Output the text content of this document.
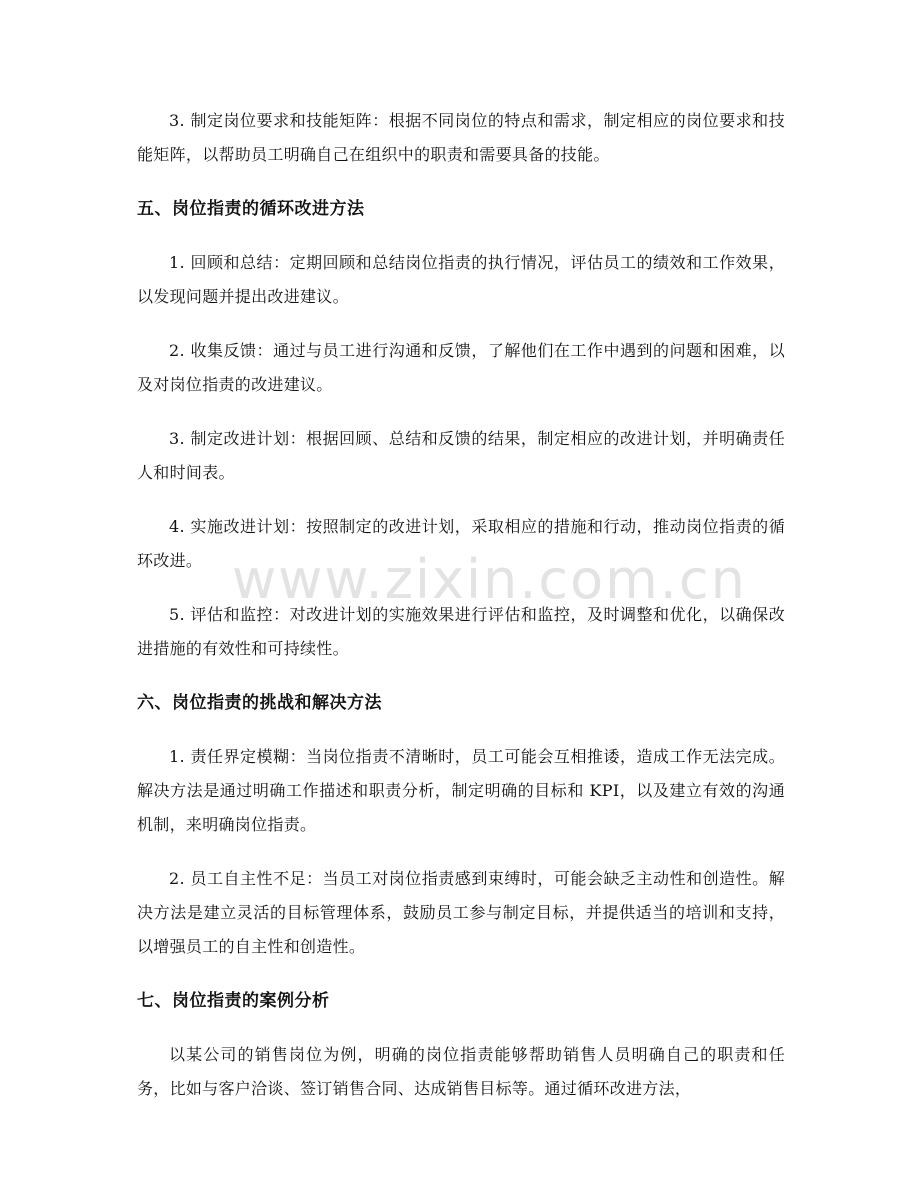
3. 制定岗位要求和技能矩阵：根据不同岗位的特点和需求，制定相应的岗位要求和技能矩阵，以帮助员工明确自己在组织中的职责和需要具备的技能。

五、岗位指责的循环改进方法

1. 回顾和总结：定期回顾和总结岗位指责的执行情况，评估员工的绩效和工作效果，以发现问题并提出改进建议。

2. 收集反馈：通过与员工进行沟通和反馈，了解他们在工作中遇到的问题和困难，以及对岗位指责的改进建议。

3. 制定改进计划：根据回顾、总结和反馈的结果，制定相应的改进计划，并明确责任人和时间表。

4. 实施改进计划：按照制定的改进计划，采取相应的措施和行动，推动岗位指责的循环改进。

5. 评估和监控：对改进计划的实施效果进行评估和监控，及时调整和优化，以确保改进措施的有效性和可持续性。

六、岗位指责的挑战和解决方法

1. 责任界定模糊：当岗位指责不清晰时，员工可能会互相推诿，造成工作无法完成。解决方法是通过明确工作描述和职责分析，制定明确的目标和 KPI，以及建立有效的沟通机制，来明确岗位指责。

2. 员工自主性不足：当员工对岗位指责感到束缚时，可能会缺乏主动性和创造性。解决方法是建立灵活的目标管理体系，鼓励员工参与制定目标，并提供适当的培训和支持，以增强员工的自主性和创造性。

七、岗位指责的案例分析

以某公司的销售岗位为例，明确的岗位指责能够帮助销售人员明确自己的职责和任务，比如与客户洽谈、签订销售合同、达成销售目标等。通过循环改进方法，

www.zixin.com.cn
